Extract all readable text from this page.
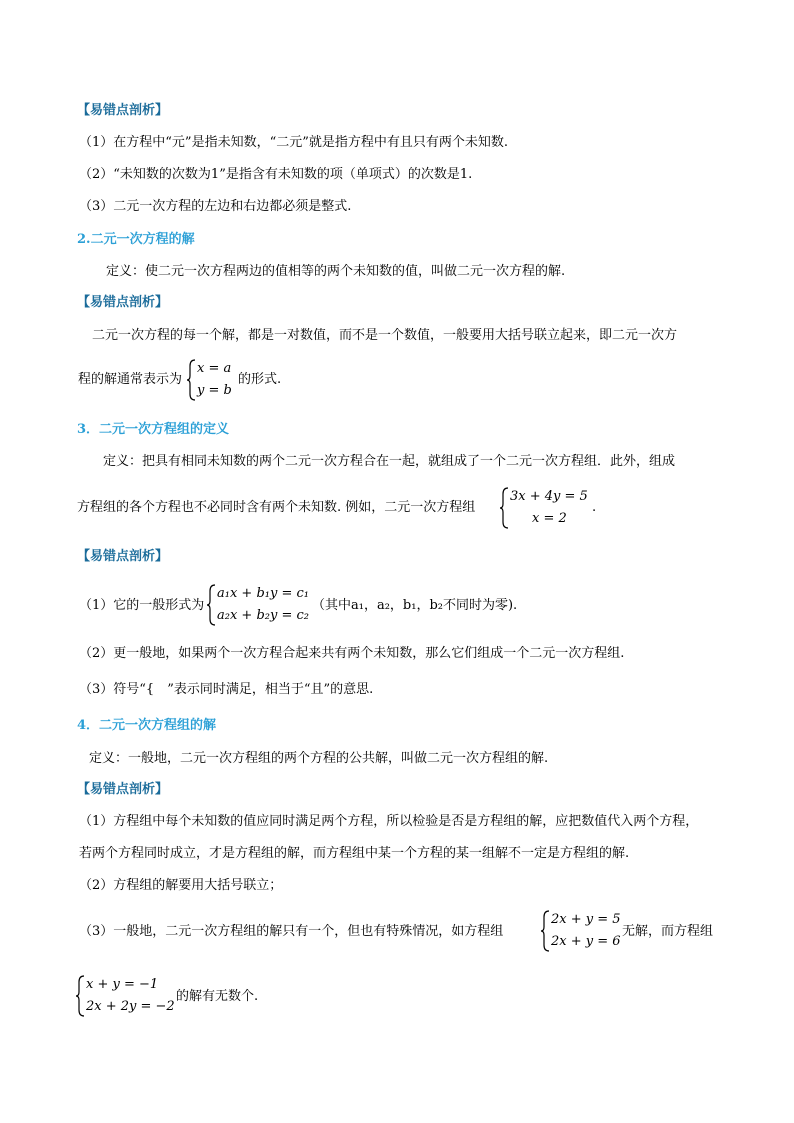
【易错点剖析】
（1）在方程中“元”是指未知数，“二元”就是指方程中有且只有两个未知数.
（2）“未知数的次数为1”是指含有未知数的项（单项式）的次数是1.
（3）二元一次方程的左边和右边都必须是整式.
2.二元一次方程的解
定义：使二元一次方程两边的值相等的两个未知数的值，叫做二元一次方程的解.
【易错点剖析】
二元一次方程的每一个解，都是一对数值，而不是一个数值，一般要用大括号联立起来，即二元一次方
程的解通常表示为
x = a
y = b
的形式.
3．二元一次方程组的定义
定义：把具有相同未知数的两个二元一次方程合在一起，就组成了一个二元一次方程组．此外，组成
方程组的各个方程也不必同时含有两个未知数. 例如，二元一次方程组
3x + 4y = 5
x = 2
.
【易错点剖析】
（1）它的一般形式为
a₁x + b₁y = c₁
a₂x + b₂y = c₂
（其中a₁，a₂，b₁，b₂不同时为零).
（2）更一般地，如果两个一次方程合起来共有两个未知数，那么它们组成一个二元一次方程组.
（3）符号“{　”表示同时满足，相当于“且”的意思.
4．二元一次方程组的解
定义：一般地，二元一次方程组的两个方程的公共解，叫做二元一次方程组的解.
【易错点剖析】
（1）方程组中每个未知数的值应同时满足两个方程，所以检验是否是方程组的解，应把数值代入两个方程，
若两个方程同时成立，才是方程组的解，而方程组中某一个方程的某一组解不一定是方程组的解.
（2）方程组的解要用大括号联立；
（3）一般地，二元一次方程组的解只有一个，但也有特殊情况，如方程组
2x + y = 5
2x + y = 6
无解，而方程组
x + y = −1
2x + 2y = −2
的解有无数个.
